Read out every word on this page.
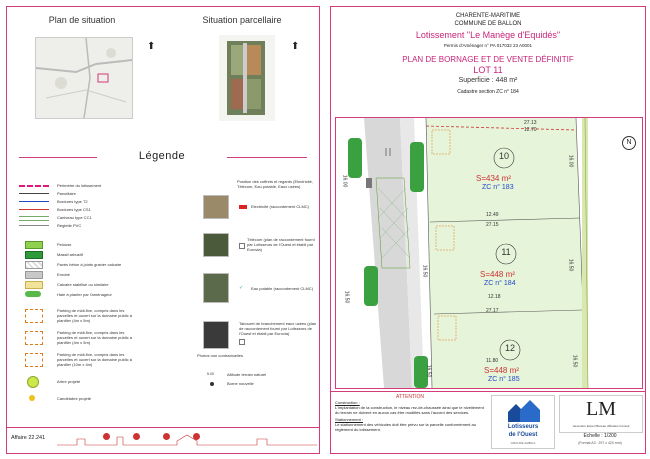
Plan de situation	Situation parcellaire
⬆	⬆
Légende
Périmètre du lotissement
Parcellaire
Bordures type T2
Bordures type CS1
Caniveau type CC1
Réglette PVC
Pelouse
Massif arbustif
Pavés béton à joints gravier calcaire
Enrobé
Calcaire stabilisé ou similaire
Haie à planter par l'aménageur
Parking de midi-fixe, compris dans les parcelles et ouvert sur la domaine public à planifier (4m x 5m)
Parking de midi-fixe, compris dans les parcelles et ouvert sur la domaine public à planifier (4m x 5m)
Parking de midi-fixe, compris dans les parcelles et ouvert sur la domaine public à planifier (10m x 4m)
Arbre projeté
Candélabre projeté
Position des coffrets et regards (Electricité, Télécom, Eau potable, Eaux usées)
Electricité (raccordement CLMC)
Télécom (plan de raccordement fourni par Lotisseurs de l'Ouest et établi par Eurovia)
✓ Eau potable (raccordement CLMC)
Tabouret de branchement eaux usées (plan de raccordement fourni par Lotisseurs de l'Ouest et établi par Eurovia)
Photos non contractuelles
5.00	Altitude terrain naturel
Borne nouvelle
Affaire 22.241
CHARENTE-MARITIME
COMMUNE DE BALLON
Lotissement "Le Manège d'Equidés"
Permis d'Aménager n° PA 017032 23 A0001
PLAN DE BORNAGE ET DE VENTE DÉFINITIF
LOT 11
Superficie : 448 m²
Cadastre section ZC n° 184
10
S=434 m²
ZC n° 183
11
S=448 m²
ZC n° 184
12
S=448 m²
ZC n° 185
27.13
12.70
12.49
27.15
12.18
27.17
11.80
16.00
16.50	16.50
16.50
16.50
16.00
16.50
N
ATTENTION
Construction :
L'implantation de la construction, le niveau rez-de-chaussée ainsi que le nivellement du terrain ne doivent en aucun cas être modifiés sans l'accord des services.
Stationnement :
Le stationnement des véhicules doit être prévu sur la parcelle conformément au règlement du lotissement.	Lotisseurs
de l'Ouest
GROUPE AMBLIA
LM
Géomètre Expert Bureau d'Études Conseil
Echelle : 1/200
(Format A3 : 297 x 420 mm)
